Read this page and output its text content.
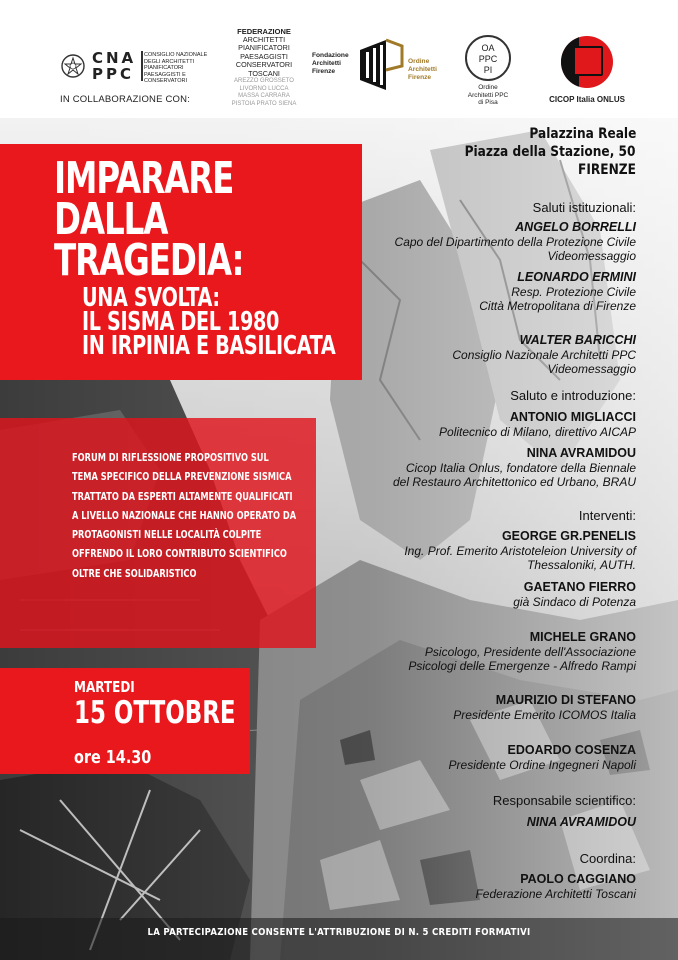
CNA
PPC
CONSIGLIO NAZIONALE DEGLI ARCHITETTI PIANIFICATORI PAESAGGISTI E CONSERVATORI
IN COLLABORAZIONE CON:
FEDERAZIONE
ARCHITETTI
PIANIFICATORI
PAESAGGISTI
CONSERVATORI
TOSCANI
AREZZO GROSSETO
LIVORNO LUCCA
MASSA CARRARA
PISTOIA PRATO SIENA
Fondazione
Architetti
Firenze
Ordine
Architetti
Firenze
OA
PPC
PI
Ordine
Architetti PPC
di Pisa	CICOP Italia ONLUS
IMPARARE
DALLA
TRAGEDIA:
UNA SVOLTA:
IL SISMA DEL 1980
IN IRPINIA E BASILICATA
FORUM DI RIFLESSIONE PROPOSITIVO SUL TEMA SPECIFICO DELLA PREVENZIONE SISMICA TRATTATO DA ESPERTI ALTAMENTE QUALIFICATI A LIVELLO NAZIONALE CHE HANNO OPERATO DA PROTAGONISTI NELLE LOCALITÀ COLPITE OFFRENDO IL LORO CONTRIBUTO SCIENTIFICO OLTRE CHE SOLIDARISTICO
MARTEDI
15 OTTOBRE
ore 14.30
Palazzina Reale
Piazza della Stazione, 50
FIRENZE
Saluti istituzionali:
ANGELO BORRELLI
Capo del Dipartimento della Protezione Civile
Videomessaggio
LEONARDO ERMINI
Resp. Protezione Civile
Città Metropolitana di Firenze
WALTER BARICCHI
Consiglio Nazionale Architetti PPC
Videomessaggio
Saluto e introduzione:
ANTONIO MIGLIACCI
Politecnico di Milano, direttivo AICAP
NINA AVRAMIDOU
Cicop Italia Onlus, fondatore della Biennale
del Restauro Architettonico ed Urbano, BRAU
Interventi:
GEORGE GR.PENELIS
Ing. Prof. Emerito Aristoteleion University of
Thessaloniki, AUTH.
GAETANO FIERRO
già Sindaco di Potenza
MICHELE GRANO
Psicologo, Presidente dell'Associazione
Psicologi delle Emergenze - Alfredo Rampi
MAURIZIO DI STEFANO
Presidente Emerito ICOMOS Italia
EDOARDO COSENZA
Presidente Ordine Ingegneri Napoli
Responsabile scientifico:
NINA AVRAMIDOU
Coordina:
PAOLO CAGGIANO
Federazione Architetti Toscani
LA PARTECIPAZIONE CONSENTE L'ATTRIBUZIONE DI N. 5 CREDITI FORMATIVI
